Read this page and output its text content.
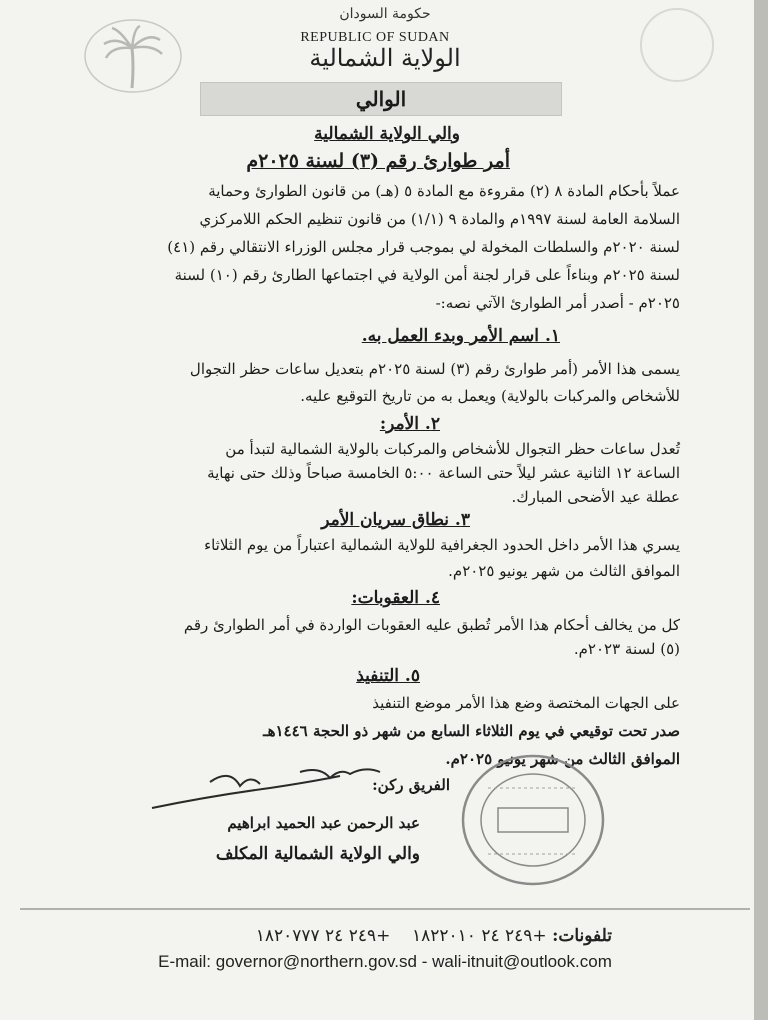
حكومة السودان
REPUBLIC OF SUDAN
الولاية الشمالية
الوالي
والي الولاية الشمالية
أمر طوارئ رقم (٣) لسنة ٢٠٢٥م
عملاً بأحكام المادة ٨ (٢) مقروءة مع المادة ٥ (هـ) من قانون الطوارئ وحماية
السلامة العامة لسنة ١٩٩٧م والمادة ٩ (١/١) من قانون تنظيم الحكم اللامركزي
لسنة ٢٠٢٠م والسلطات المخولة لي بموجب قرار مجلس الوزراء الانتقالي رقم (٤١)
لسنة ٢٠٢٥م وبناءاً على قرار لجنة أمن الولاية في اجتماعها الطارئ رقم (١٠) لسنة
٢٠٢٥م - أصدر أمر الطوارئ الآتي نصه:-
١. اسم الأمر وبدء العمل به.
يسمى هذا الأمر (أمر طوارئ رقم (٣) لسنة ٢٠٢٥م بتعديل ساعات حظر التجوال
للأشخاص والمركبات بالولاية) ويعمل به من تاريخ التوقيع عليه.
٢. الأمر:
تُعدل ساعات حظر التجوال للأشخاص والمركبات بالولاية الشمالية لتبدأ من
الساعة ١٢ الثانية عشر ليلاً حتى الساعة ٥:٠٠ الخامسة صباحاً وذلك حتى نهاية
عطلة عيد الأضحى المبارك.
٣. نطاق سريان الأمر
يسري هذا الأمر داخل الحدود الجغرافية للولاية الشمالية اعتباراً من يوم الثلاثاء
الموافق الثالث من شهر يونيو ٢٠٢٥م.
٤. العقوبات:
كل من يخالف أحكام هذا الأمر تُطبق عليه العقوبات الواردة في أمر الطوارئ رقم
(٥) لسنة ٢٠٢٣م.
٥. التنفيذ
على الجهات المختصة وضع هذا الأمر موضع التنفيذ
صدر تحت توقيعي في يوم الثلاثاء السابع من شهر ذو الحجة ١٤٤٦هـ
الموافق الثالث من شهر يونيو ٢٠٢٥م.
الفريق ركن:
عبد الرحمن عبد الحميد ابراهيم
والي الولاية الشمالية المكلف
تلفونات: +٢٤٩ ٢٤ ١٨٢٢٠١٠    +٢٤٩ ٢٤ ١٨٢٠٧٧٧
E-mail: governor@northern.gov.sd - wali-itnuit@outlook.com
